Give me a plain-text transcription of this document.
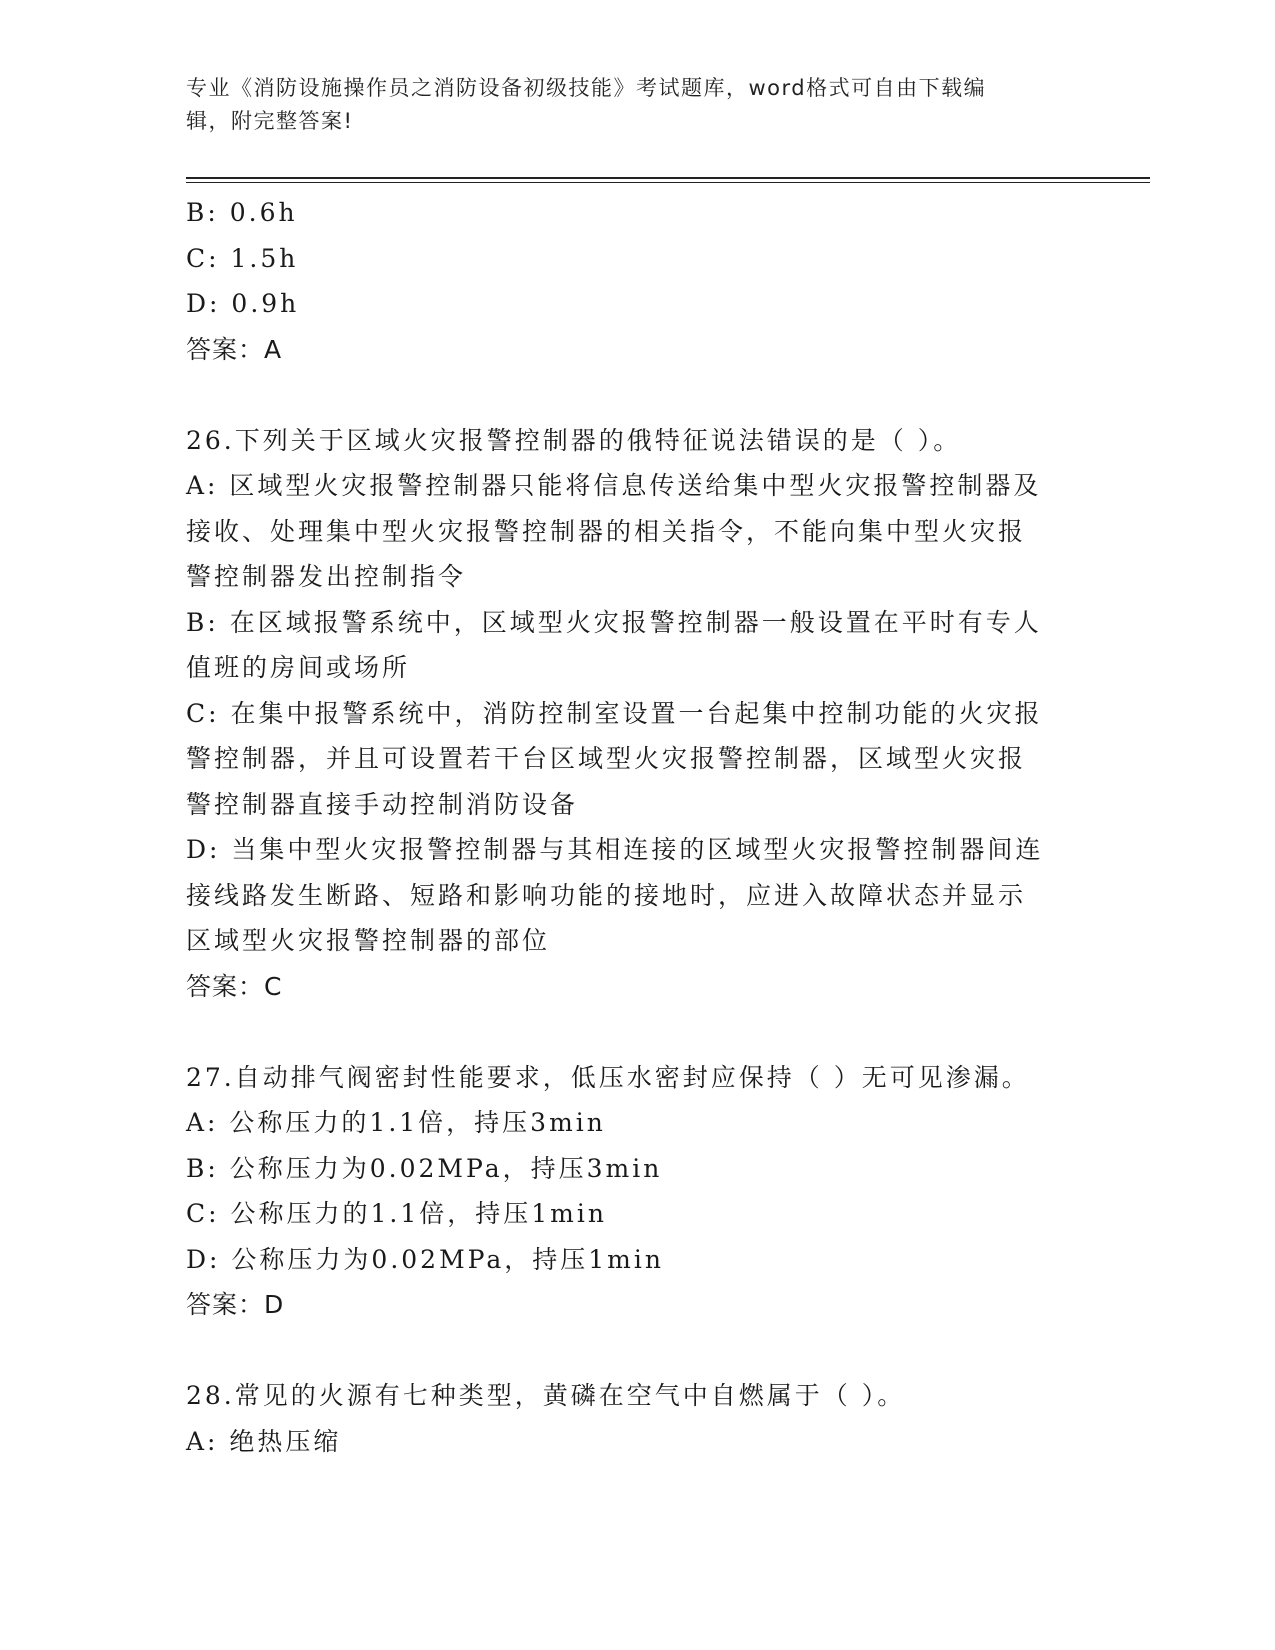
专业《消防设施操作员之消防设备初级技能》考试题库，word格式可自由下载编
辑，附完整答案!
B: 0.6h
C: 1.5h
D: 0.9h
答案：A
26.下列关于区域火灾报警控制器的俄特征说法错误的是（ ）。
A: 区域型火灾报警控制器只能将信息传送给集中型火灾报警控制器及
接收、处理集中型火灾报警控制器的相关指令，不能向集中型火灾报
警控制器发出控制指令
B: 在区域报警系统中，区域型火灾报警控制器一般设置在平时有专人
值班的房间或场所
C: 在集中报警系统中，消防控制室设置一台起集中控制功能的火灾报
警控制器，并且可设置若干台区域型火灾报警控制器，区域型火灾报
警控制器直接手动控制消防设备
D: 当集中型火灾报警控制器与其相连接的区域型火灾报警控制器间连
接线路发生断路、短路和影响功能的接地时，应进入故障状态并显示
区域型火灾报警控制器的部位
答案：C
27.自动排气阀密封性能要求，低压水密封应保持（ ）无可见渗漏。
A: 公称压力的1.1倍，持压3min
B: 公称压力为0.02MPa，持压3min
C: 公称压力的1.1倍，持压1min
D: 公称压力为0.02MPa，持压1min
答案：D
28.常见的火源有七种类型，黄磷在空气中自燃属于（ ）。
A: 绝热压缩
